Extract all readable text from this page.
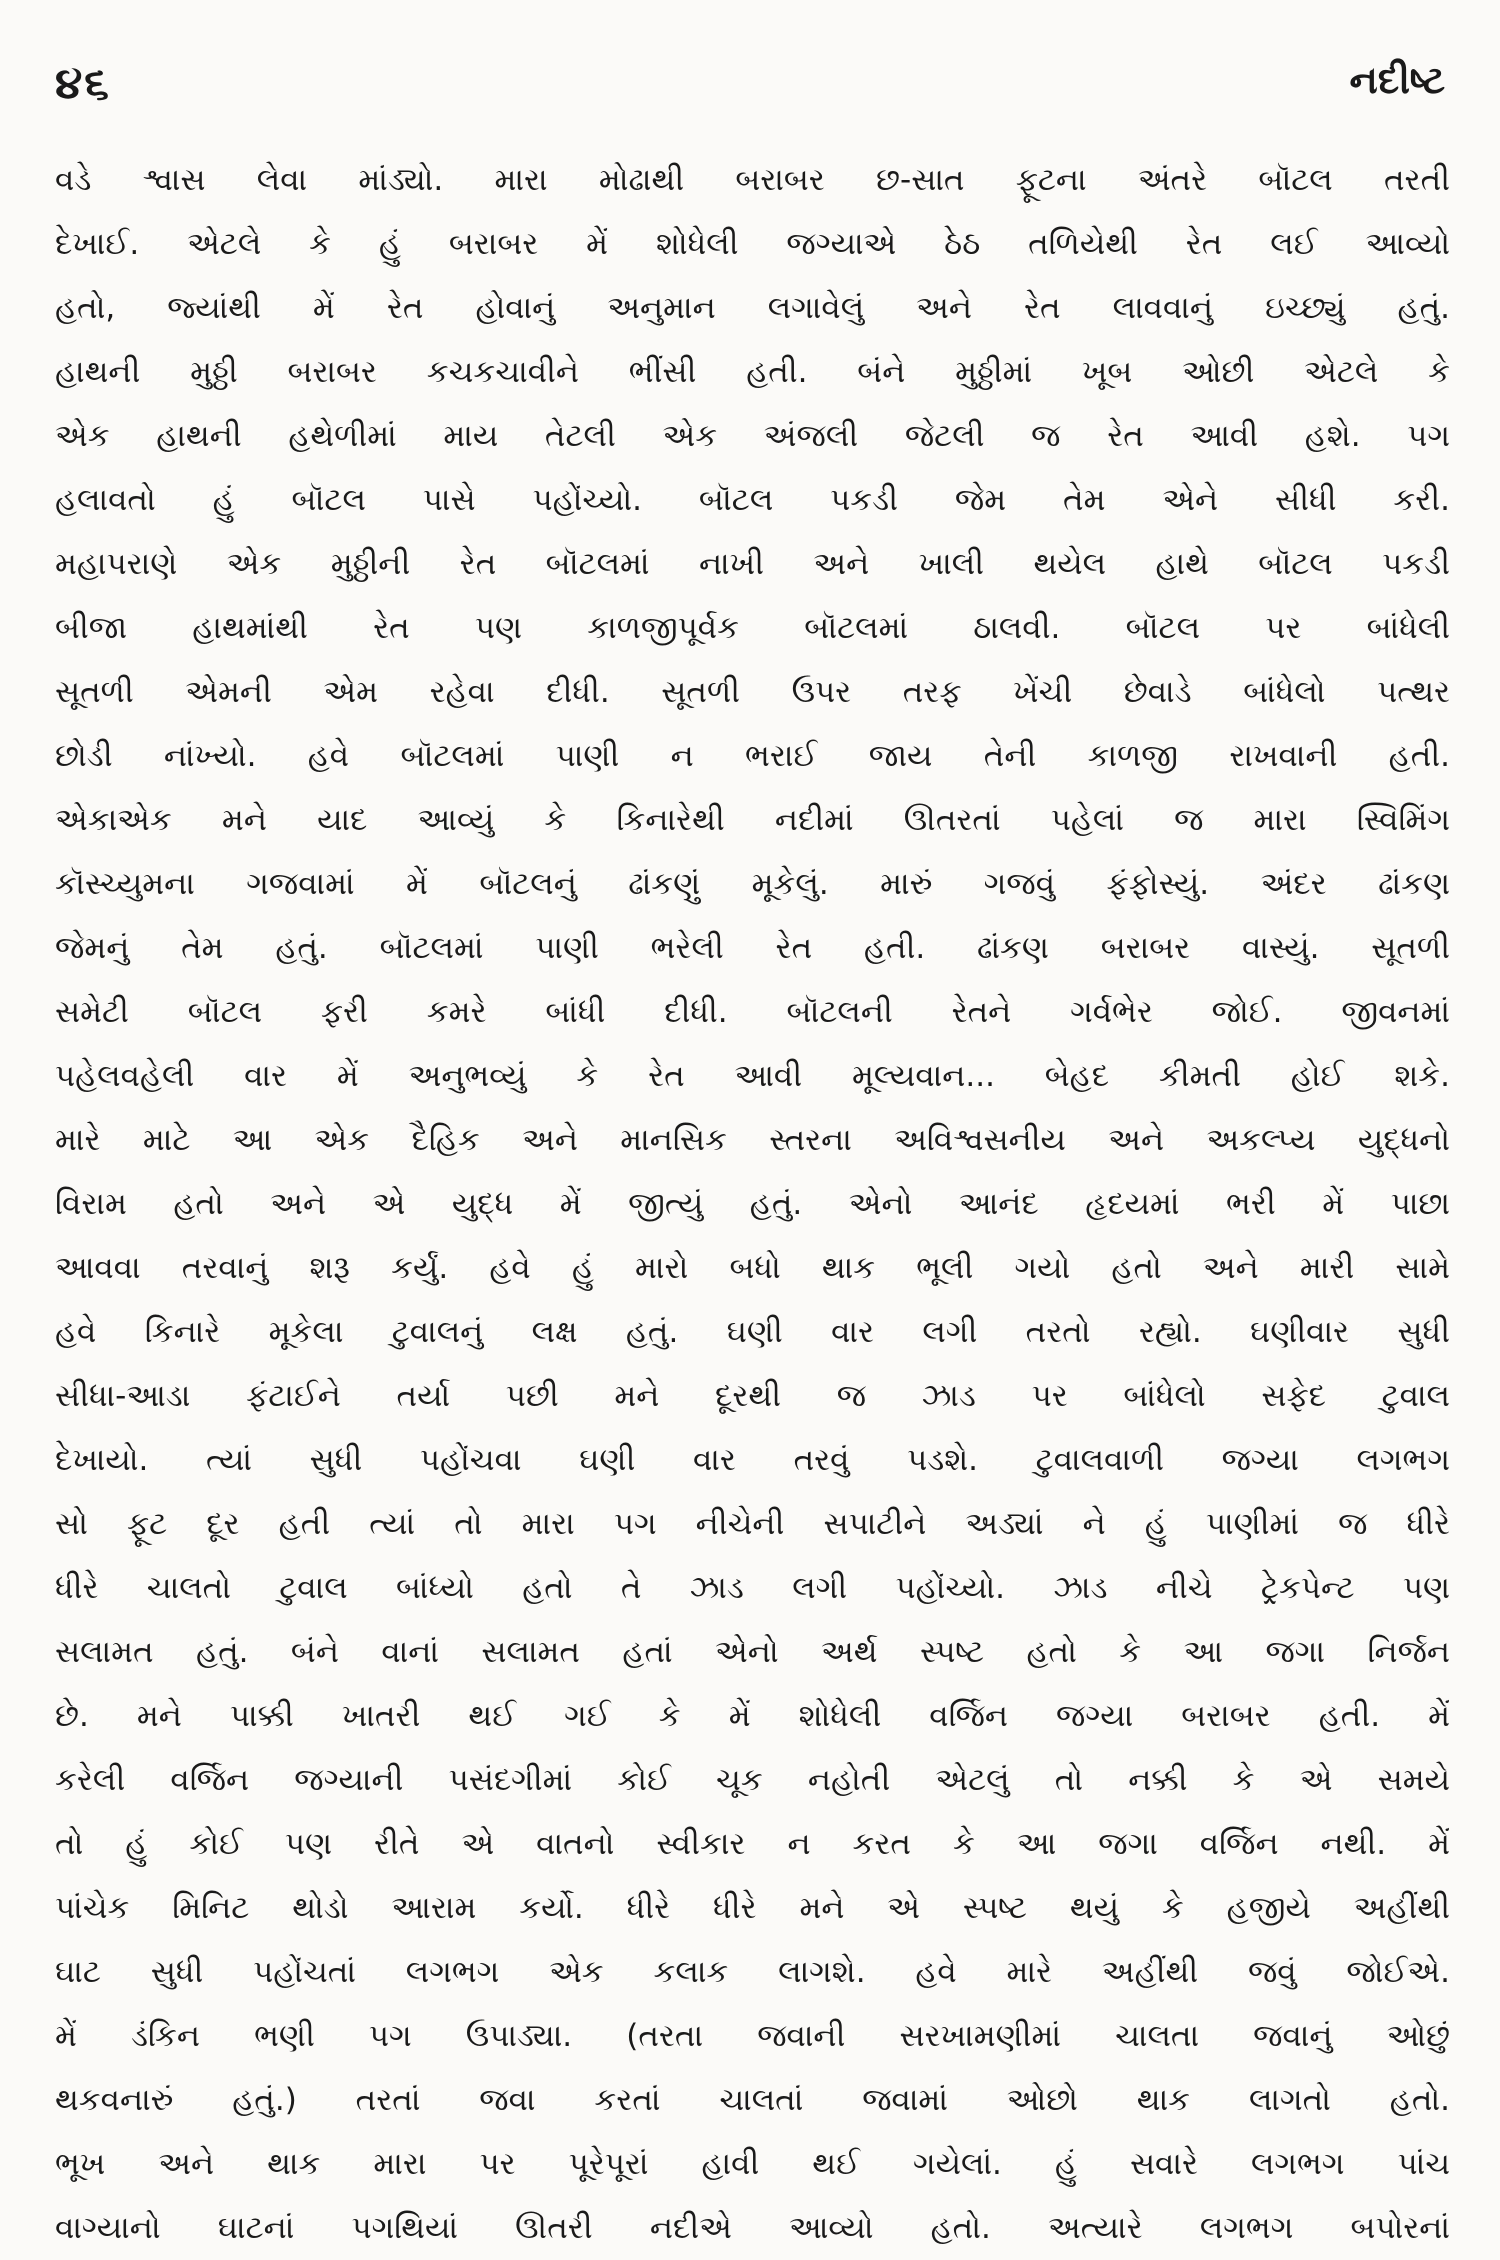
૪૬	નદીષ્ટ
વડે શ્વાસ લેવા માંડ્યો. મારા મોઢાથી બરાબર છ-સાત ફૂટના અંતરે બૉટલ તરતી
દેખાઈ. એટલે કે હું બરાબર મેં શોધેલી જગ્યાએ ઠેઠ તળિયેથી રેત લઈ આવ્યો
હતો, જ્યાંથી મેં રેત હોવાનું અનુમાન લગાવેલું અને રેત લાવવાનું ઇચ્છ્યું હતું.
હાથની મુઠ્ઠી બરાબર કચકચાવીને ભીંસી હતી. બંને મુઠ્ઠીમાં ખૂબ ઓછી એટલે કે
એક હાથની હથેળીમાં માય તેટલી એક અંજલી જેટલી જ રેત આવી હશે. પગ
હલાવતો હું બૉટલ પાસે પહોંચ્યો. બૉટલ પકડી જેમ તેમ એને સીધી કરી.
મહાપરાણે એક મુઠ્ઠીની રેત બૉટલમાં નાખી અને ખાલી થયેલ હાથે બૉટલ પકડી
બીજા હાથમાંથી રેત પણ કાળજીપૂર્વક બૉટલમાં ઠાલવી. બૉટલ પર બાંધેલી
સૂતળી એમની એમ રહેવા દીધી. સૂતળી ઉપર તરફ ખેંચી છેવાડે બાંધેલો પત્થર
છોડી નાંખ્યો. હવે બૉટલમાં પાણી ન ભરાઈ જાય તેની કાળજી રાખવાની હતી.
એકાએક મને યાદ આવ્યું કે કિનારેથી નદીમાં ઊતરતાં પહેલાં જ મારા સ્વિમિંગ
કૉસ્ચ્યુમના ગજવામાં મેં બૉટલનું ઢાંકણું મૂકેલું. મારું ગજવું ફંફોસ્યું. અંદર ઢાંકણ
જેમનું તેમ હતું. બૉટલમાં પાણી ભરેલી રેત હતી. ઢાંકણ બરાબર વાસ્યું. સૂતળી
સમેટી બૉટલ ફરી કમરે બાંધી દીધી. બૉટલની રેતને ગર્વભેર જોઈ. જીવનમાં
પહેલવહેલી વાર મેં અનુભવ્યું કે રેત આવી મૂલ્યવાન... બેહદ કીમતી હોઈ શકે.
મારે માટે આ એક દૈહિક અને માનસિક સ્તરના અવિશ્વસનીય અને અકલ્પ્ય યુદ્ધનો
વિરામ હતો અને એ યુદ્ધ મેં જીત્યું હતું. એનો આનંદ હૃદયમાં ભરી મેં પાછા
આવવા તરવાનું શરૂ કર્યું. હવે હું મારો બધો થાક ભૂલી ગયો હતો અને મારી સામે
હવે કિનારે મૂકેલા ટુવાલનું લક્ષ હતું. ઘણી વાર લગી તરતો રહ્યો. ઘણીવાર સુધી
સીધા-આડા ફંટાઈને તર્યા પછી મને દૂરથી જ ઝાડ પર બાંધેલો સફેદ ટુવાલ
દેખાયો. ત્યાં સુધી પહોંચવા ઘણી વાર તરવું પડશે. ટુવાલવાળી જગ્યા લગભગ
સો ફૂટ દૂર હતી ત્યાં તો મારા પગ નીચેની સપાટીને અડ્યાં ને હું પાણીમાં જ ધીરે
ધીરે ચાલતો ટુવાલ બાંધ્યો હતો તે ઝાડ લગી પહોંચ્યો. ઝાડ નીચે ટ્રેકપેન્ટ પણ
સલામત હતું. બંને વાનાં સલામત હતાં એનો અર્થ સ્પષ્ટ હતો કે આ જગા નિર્જન
છે. મને પાક્કી ખાતરી થઈ ગઈ કે મેં શોધેલી વર્જિન જગ્યા બરાબર હતી. મેં
કરેલી વર્જિન જગ્યાની પસંદગીમાં કોઈ ચૂક નહોતી એટલું તો નક્કી કે એ સમયે
તો હું કોઈ પણ રીતે એ વાતનો સ્વીકાર ન કરત કે આ જગા વર્જિન નથી. મેં
પાંચેક મિનિટ થોડો આરામ કર્યો. ધીરે ધીરે મને એ સ્પષ્ટ થયું કે હજીયે અહીંથી
ઘાટ સુધી પહોંચતાં લગભગ એક કલાક લાગશે. હવે મારે અહીંથી જવું જોઈએ.
મેં ડંકિન ભણી પગ ઉપાડ્યા. (તરતા જવાની સરખામણીમાં ચાલતા જવાનું ઓછું
થકવનારું હતું.) તરતાં જવા કરતાં ચાલતાં જવામાં ઓછો થાક લાગતો હતો.
ભૂખ અને થાક મારા પર પૂરેપૂરાં હાવી થઈ ગયેલાં. હું સવારે લગભગ પાંચ
વાગ્યાનો ઘાટનાં પગથિયાં ઊતરી નદીએ આવ્યો હતો. અત્યારે લગભગ બપોરનાં
